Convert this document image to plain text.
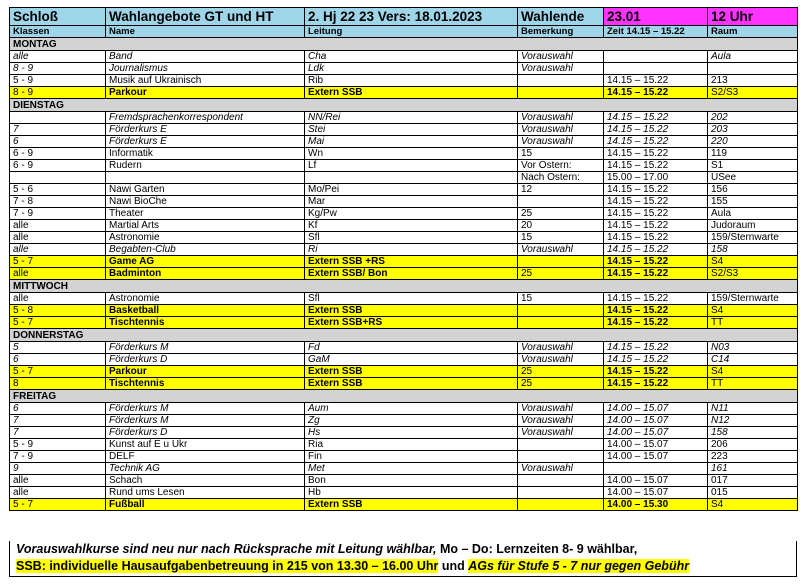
Schloß	Wahlangebote GT und HT	2. Hj 22 23 Vers: 18.01.2023	Wahlende	23.01	12 Uhr
Klassen	Name	Leitung	Bemerkung	Zeit 14.15 – 15.22	Raum
MONTAG					
alle	Band	Cha	Vorauswahl		Aula
8 - 9	Journalismus	Ldk	Vorauswahl		
5 - 9	Musik auf Ukrainisch	Rib		14.15 – 15.22	213
8 - 9	Parkour	Extern SSB		14.15 – 15.22	S2/S3
DIENSTAG					
	Fremdsprachenkorrespondent	NN/Rei	Vorauswahl	14.15 – 15.22	202
7	Förderkurs E	Stei	Vorauswahl	14.15 – 15.22	203
6	Förderkurs E	Mai	Vorauswahl	14.15 – 15.22	220
6 - 9	Informatik	Wn	15	14.15 – 15.22	119
6 - 9	Rudern	Lf	Vor Ostern:	14.15 – 15.22	S1
			Nach Ostern:	15.00 – 17.00	USee
5 - 6	Nawi Garten	Mo/Pei	12	14.15 – 15.22	156
7 - 8	Nawi BioChe	Mar		14.15 – 15.22	155
7 - 9	Theater	Kg/Pw	25	14.15 – 15.22	Aula
alle	Martial Arts	Kf	20	14.15 – 15.22	Judoraum
alle	Astronomie	Sfl	15	14.15 – 15.22	159/Sternwarte
alle	Begabten-Club	Ri	Vorauswahl	14.15 – 15.22	158
5 - 7	Game AG	Extern SSB +RS		14.15 – 15.22	S4
alle	Badminton	Extern SSB/ Bon	25	14.15 – 15.22	S2/S3
MITTWOCH					
alle	Astronomie	Sfl	15	14.15 – 15.22	159/Sternwarte
5 - 8	Basketball	Extern SSB		14.15 – 15.22	S4
5 - 7	Tischtennis	Extern SSB+RS		14.15 – 15.22	TT
DONNERSTAG					
5	Förderkurs M	Fd	Vorauswahl	14.15 – 15.22	N03
6	Förderkurs D	GaM	Vorauswahl	14.15 – 15.22	C14
5 - 7	Parkour	Extern SSB	25	14.15 – 15.22	S4
8	Tischtennis	Extern SSB	25	14.15 – 15.22	TT
FREITAG					
6	Förderkurs M	Aum	Vorauswahl	14.00 – 15.07	N11
7	Förderkurs M	Zg	Vorauswahl	14.00 – 15.07	N12
7	Förderkurs D	Hs	Vorauswahl	14.00 – 15.07	158
5 - 9	Kunst auf E u Ukr	Ria		14.00 – 15.07	206
7 - 9	DELF	Fin		14.00 – 15.07	223
9	Technik AG	Met	Vorauswahl		161
alle	Schach	Bon		14.00 – 15.07	017
alle	Rund ums Lesen	Hb		14.00 – 15.07	015
5 - 7	Fußball	Extern SSB		14.00 – 15.30	S4
Vorauswahlkurse sind neu nur nach Rücksprache mit Leitung wählbar, Mo – Do: Lernzeiten 8- 9 wählbar,
SSB: individuelle Hausaufgabenbetreuung in 215 von 13.30 – 16.00 Uhr und AGs für Stufe 5 - 7 nur gegen Gebühr
